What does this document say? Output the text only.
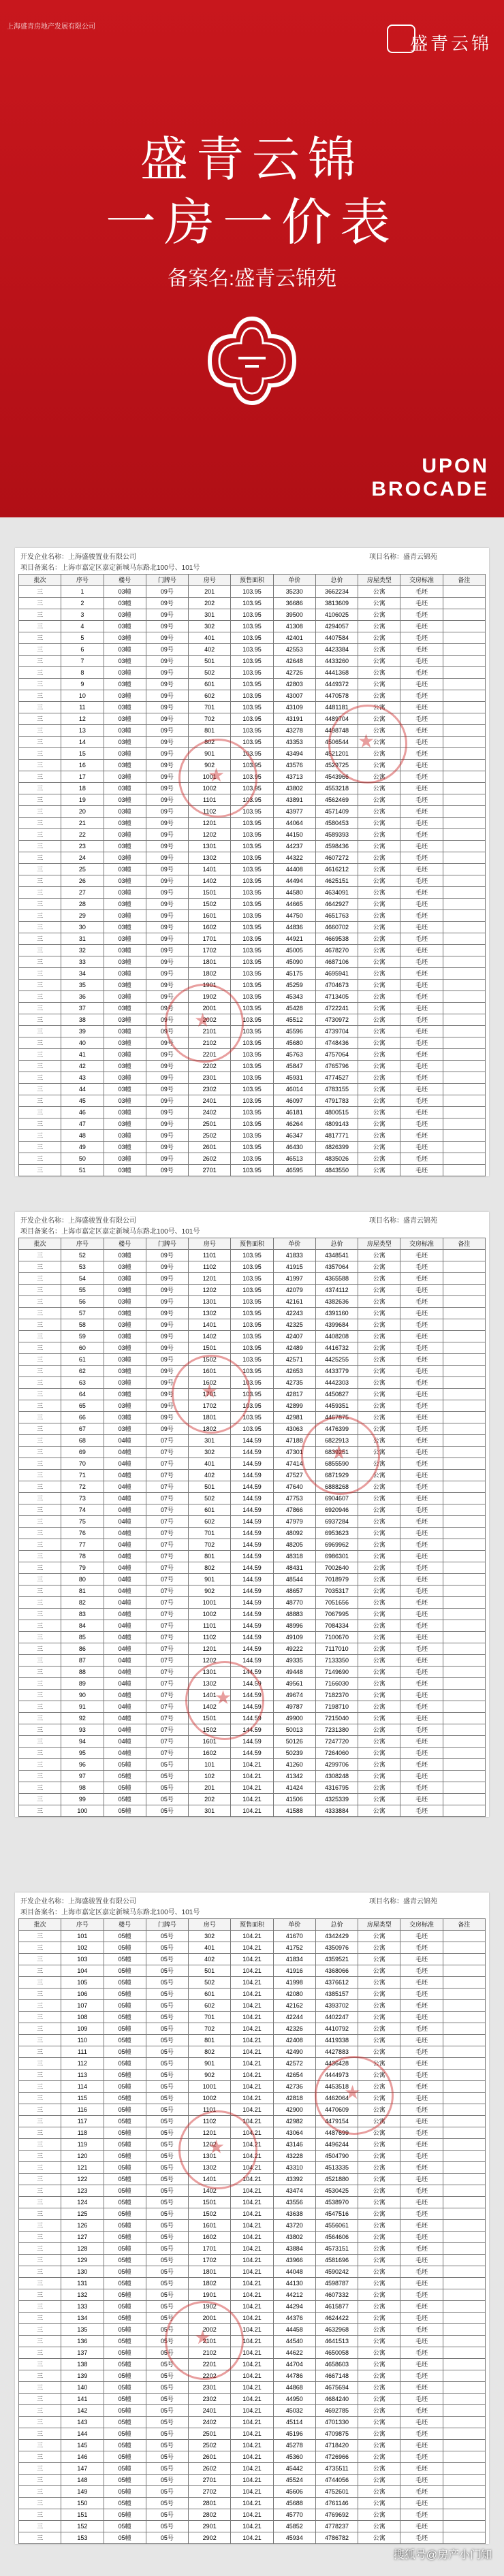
上海盛青房地产发展有限公司
盛青云锦
盛青云锦
一房一价表
备案名:盛青云锦苑
UPON
BROCADE
开发企业名称：上海盛骏置业有限公司
项目备案名：上海市嘉定区嘉定新城马东路北100号、101号
项目名称：盛青云锦苑
批次	序号	楼号	门牌号	房号	预售面积	单价	总价	房屋类型	交房标准	备注
三	1	03幢	09号	201	103.95	35230	3662234	公寓	毛坯	
三	2	03幢	09号	202	103.95	36686	3813609	公寓	毛坯	
三	3	03幢	09号	301	103.95	39500	4106025	公寓	毛坯	
三	4	03幢	09号	302	103.95	41308	4294057	公寓	毛坯	
三	5	03幢	09号	401	103.95	42401	4407584	公寓	毛坯	
三	6	03幢	09号	402	103.95	42553	4423384	公寓	毛坯	
三	7	03幢	09号	501	103.95	42648	4433260	公寓	毛坯	
三	8	03幢	09号	502	103.95	42726	4441368	公寓	毛坯	
三	9	03幢	09号	601	103.95	42803	4449372	公寓	毛坯	
三	10	03幢	09号	602	103.95	43007	4470578	公寓	毛坯	
三	11	03幢	09号	701	103.95	43109	4481181	公寓	毛坯	
三	12	03幢	09号	702	103.95	43191	4489704	公寓	毛坯	
三	13	03幢	09号	801	103.95	43278	4498748	公寓	毛坯	
三	14	03幢	09号	802	103.95	43353	4506544	公寓	毛坯	
三	15	03幢	09号	901	103.95	43494	4521201	公寓	毛坯	
三	16	03幢	09号	902	103.95	43576	4529725	公寓	毛坯	
三	17	03幢	09号	1001	103.95	43713	4543966	公寓	毛坯	
三	18	03幢	09号	1002	103.95	43802	4553218	公寓	毛坯	
三	19	03幢	09号	1101	103.95	43891	4562469	公寓	毛坯	
三	20	03幢	09号	1102	103.95	43977	4571409	公寓	毛坯	
三	21	03幢	09号	1201	103.95	44064	4580453	公寓	毛坯	
三	22	03幢	09号	1202	103.95	44150	4589393	公寓	毛坯	
三	23	03幢	09号	1301	103.95	44237	4598436	公寓	毛坯	
三	24	03幢	09号	1302	103.95	44322	4607272	公寓	毛坯	
三	25	03幢	09号	1401	103.95	44408	4616212	公寓	毛坯	
三	26	03幢	09号	1402	103.95	44494	4625151	公寓	毛坯	
三	27	03幢	09号	1501	103.95	44580	4634091	公寓	毛坯	
三	28	03幢	09号	1502	103.95	44665	4642927	公寓	毛坯	
三	29	03幢	09号	1601	103.95	44750	4651763	公寓	毛坯	
三	30	03幢	09号	1602	103.95	44836	4660702	公寓	毛坯	
三	31	03幢	09号	1701	103.95	44921	4669538	公寓	毛坯	
三	32	03幢	09号	1702	103.95	45005	4678270	公寓	毛坯	
三	33	03幢	09号	1801	103.95	45090	4687106	公寓	毛坯	
三	34	03幢	09号	1802	103.95	45175	4695941	公寓	毛坯	
三	35	03幢	09号	1901	103.95	45259	4704673	公寓	毛坯	
三	36	03幢	09号	1902	103.95	45343	4713405	公寓	毛坯	
三	37	03幢	09号	2001	103.95	45428	4722241	公寓	毛坯	
三	38	03幢	09号	2002	103.95	45512	4730972	公寓	毛坯	
三	39	03幢	09号	2101	103.95	45596	4739704	公寓	毛坯	
三	40	03幢	09号	2102	103.95	45680	4748436	公寓	毛坯	
三	41	03幢	09号	2201	103.95	45763	4757064	公寓	毛坯	
三	42	03幢	09号	2202	103.95	45847	4765796	公寓	毛坯	
三	43	03幢	09号	2301	103.95	45931	4774527	公寓	毛坯	
三	44	03幢	09号	2302	103.95	46014	4783155	公寓	毛坯	
三	45	03幢	09号	2401	103.95	46097	4791783	公寓	毛坯	
三	46	03幢	09号	2402	103.95	46181	4800515	公寓	毛坯	
三	47	03幢	09号	2501	103.95	46264	4809143	公寓	毛坯	
三	48	03幢	09号	2502	103.95	46347	4817771	公寓	毛坯	
三	49	03幢	09号	2601	103.95	46430	4826399	公寓	毛坯	
三	50	03幢	09号	2602	103.95	46513	4835026	公寓	毛坯	
三	51	03幢	09号	2701	103.95	46595	4843550	公寓	毛坯	
★
★
★
开发企业名称：上海盛骏置业有限公司
项目备案名：上海市嘉定区嘉定新城马东路北100号、101号
项目名称：盛青云锦苑
批次	序号	楼号	门牌号	房号	预售面积	单价	总价	房屋类型	交房标准	备注
三	52	03幢	09号	1101	103.95	41833	4348541	公寓	毛坯	
三	53	03幢	09号	1102	103.95	41915	4357064	公寓	毛坯	
三	54	03幢	09号	1201	103.95	41997	4365588	公寓	毛坯	
三	55	03幢	09号	1202	103.95	42079	4374112	公寓	毛坯	
三	56	03幢	09号	1301	103.95	42161	4382636	公寓	毛坯	
三	57	03幢	09号	1302	103.95	42243	4391160	公寓	毛坯	
三	58	03幢	09号	1401	103.95	42325	4399684	公寓	毛坯	
三	59	03幢	09号	1402	103.95	42407	4408208	公寓	毛坯	
三	60	03幢	09号	1501	103.95	42489	4416732	公寓	毛坯	
三	61	03幢	09号	1502	103.95	42571	4425255	公寓	毛坯	
三	62	03幢	09号	1601	103.95	42653	4433779	公寓	毛坯	
三	63	03幢	09号	1602	103.95	42735	4442303	公寓	毛坯	
三	64	03幢	09号	1701	103.95	42817	4450827	公寓	毛坯	
三	65	03幢	09号	1702	103.95	42899	4459351	公寓	毛坯	
三	66	03幢	09号	1801	103.95	42981	4467875	公寓	毛坯	
三	67	03幢	09号	1802	103.95	43063	4476399	公寓	毛坯	
三	68	04幢	07号	301	144.59	47188	6822913	公寓	毛坯	
三	69	04幢	07号	302	144.59	47301	6839251	公寓	毛坯	
三	70	04幢	07号	401	144.59	47414	6855590	公寓	毛坯	
三	71	04幢	07号	402	144.59	47527	6871929	公寓	毛坯	
三	72	04幢	07号	501	144.59	47640	6888268	公寓	毛坯	
三	73	04幢	07号	502	144.59	47753	6904607	公寓	毛坯	
三	74	04幢	07号	601	144.59	47866	6920946	公寓	毛坯	
三	75	04幢	07号	602	144.59	47979	6937284	公寓	毛坯	
三	76	04幢	07号	701	144.59	48092	6953623	公寓	毛坯	
三	77	04幢	07号	702	144.59	48205	6969962	公寓	毛坯	
三	78	04幢	07号	801	144.59	48318	6986301	公寓	毛坯	
三	79	04幢	07号	802	144.59	48431	7002640	公寓	毛坯	
三	80	04幢	07号	901	144.59	48544	7018979	公寓	毛坯	
三	81	04幢	07号	902	144.59	48657	7035317	公寓	毛坯	
三	82	04幢	07号	1001	144.59	48770	7051656	公寓	毛坯	
三	83	04幢	07号	1002	144.59	48883	7067995	公寓	毛坯	
三	84	04幢	07号	1101	144.59	48996	7084334	公寓	毛坯	
三	85	04幢	07号	1102	144.59	49109	7100670	公寓	毛坯	
三	86	04幢	07号	1201	144.59	49222	7117010	公寓	毛坯	
三	87	04幢	07号	1202	144.59	49335	7133350	公寓	毛坯	
三	88	04幢	07号	1301	144.59	49448	7149690	公寓	毛坯	
三	89	04幢	07号	1302	144.59	49561	7166030	公寓	毛坯	
三	90	04幢	07号	1401	144.59	49674	7182370	公寓	毛坯	
三	91	04幢	07号	1402	144.59	49787	7198710	公寓	毛坯	
三	92	04幢	07号	1501	144.59	49900	7215040	公寓	毛坯	
三	93	04幢	07号	1502	144.59	50013	7231380	公寓	毛坯	
三	94	04幢	07号	1601	144.59	50126	7247720	公寓	毛坯	
三	95	04幢	07号	1602	144.59	50239	7264060	公寓	毛坯	
三	96	05幢	05号	101	104.21	41260	4299706	公寓	毛坯	
三	97	05幢	05号	102	104.21	41342	4308248	公寓	毛坯	
三	98	05幢	05号	201	104.21	41424	4316795	公寓	毛坯	
三	99	05幢	05号	202	104.21	41506	4325339	公寓	毛坯	
三	100	05幢	05号	301	104.21	41588	4333884	公寓	毛坯	
★
★
★
开发企业名称：上海盛骏置业有限公司
项目备案名：上海市嘉定区嘉定新城马东路北100号、101号
项目名称：盛青云锦苑
批次	序号	楼号	门牌号	房号	预售面积	单价	总价	房屋类型	交房标准	备注
三	101	05幢	05号	302	104.21	41670	4342429	公寓	毛坯	
三	102	05幢	05号	401	104.21	41752	4350976	公寓	毛坯	
三	103	05幢	05号	402	104.21	41834	4359521	公寓	毛坯	
三	104	05幢	05号	501	104.21	41916	4368066	公寓	毛坯	
三	105	05幢	05号	502	104.21	41998	4376612	公寓	毛坯	
三	106	05幢	05号	601	104.21	42080	4385157	公寓	毛坯	
三	107	05幢	05号	602	104.21	42162	4393702	公寓	毛坯	
三	108	05幢	05号	701	104.21	42244	4402247	公寓	毛坯	
三	109	05幢	05号	702	104.21	42326	4410792	公寓	毛坯	
三	110	05幢	05号	801	104.21	42408	4419338	公寓	毛坯	
三	111	05幢	05号	802	104.21	42490	4427883	公寓	毛坯	
三	112	05幢	05号	901	104.21	42572	4436428	公寓	毛坯	
三	113	05幢	05号	902	104.21	42654	4444973	公寓	毛坯	
三	114	05幢	05号	1001	104.21	42736	4453518	公寓	毛坯	
三	115	05幢	05号	1002	104.21	42818	4462064	公寓	毛坯	
三	116	05幢	05号	1101	104.21	42900	4470609	公寓	毛坯	
三	117	05幢	05号	1102	104.21	42982	4479154	公寓	毛坯	
三	118	05幢	05号	1201	104.21	43064	4487699	公寓	毛坯	
三	119	05幢	05号	1202	104.21	43146	4496244	公寓	毛坯	
三	120	05幢	05号	1301	104.21	43228	4504790	公寓	毛坯	
三	121	05幢	05号	1302	104.21	43310	4513335	公寓	毛坯	
三	122	05幢	05号	1401	104.21	43392	4521880	公寓	毛坯	
三	123	05幢	05号	1402	104.21	43474	4530425	公寓	毛坯	
三	124	05幢	05号	1501	104.21	43556	4538970	公寓	毛坯	
三	125	05幢	05号	1502	104.21	43638	4547516	公寓	毛坯	
三	126	05幢	05号	1601	104.21	43720	4556061	公寓	毛坯	
三	127	05幢	05号	1602	104.21	43802	4564606	公寓	毛坯	
三	128	05幢	05号	1701	104.21	43884	4573151	公寓	毛坯	
三	129	05幢	05号	1702	104.21	43966	4581696	公寓	毛坯	
三	130	05幢	05号	1801	104.21	44048	4590242	公寓	毛坯	
三	131	05幢	05号	1802	104.21	44130	4598787	公寓	毛坯	
三	132	05幢	05号	1901	104.21	44212	4607332	公寓	毛坯	
三	133	05幢	05号	1902	104.21	44294	4615877	公寓	毛坯	
三	134	05幢	05号	2001	104.21	44376	4624422	公寓	毛坯	
三	135	05幢	05号	2002	104.21	44458	4632968	公寓	毛坯	
三	136	05幢	05号	2101	104.21	44540	4641513	公寓	毛坯	
三	137	05幢	05号	2102	104.21	44622	4650058	公寓	毛坯	
三	138	05幢	05号	2201	104.21	44704	4658603	公寓	毛坯	
三	139	05幢	05号	2202	104.21	44786	4667148	公寓	毛坯	
三	140	05幢	05号	2301	104.21	44868	4675694	公寓	毛坯	
三	141	05幢	05号	2302	104.21	44950	4684240	公寓	毛坯	
三	142	05幢	05号	2401	104.21	45032	4692785	公寓	毛坯	
三	143	05幢	05号	2402	104.21	45114	4701330	公寓	毛坯	
三	144	05幢	05号	2501	104.21	45196	4709875	公寓	毛坯	
三	145	05幢	05号	2502	104.21	45278	4718420	公寓	毛坯	
三	146	05幢	05号	2601	104.21	45360	4726966	公寓	毛坯	
三	147	05幢	05号	2602	104.21	45442	4735511	公寓	毛坯	
三	148	05幢	05号	2701	104.21	45524	4744056	公寓	毛坯	
三	149	05幢	05号	2702	104.21	45606	4752601	公寓	毛坯	
三	150	05幢	05号	2801	104.21	45688	4761146	公寓	毛坯	
三	151	05幢	05号	2802	104.21	45770	4769692	公寓	毛坯	
三	152	05幢	05号	2901	104.21	45852	4778237	公寓	毛坯	
三	153	05幢	05号	2902	104.21	45934	4786782	公寓	毛坯	
★
★
★
搜狐号@房产小门知
